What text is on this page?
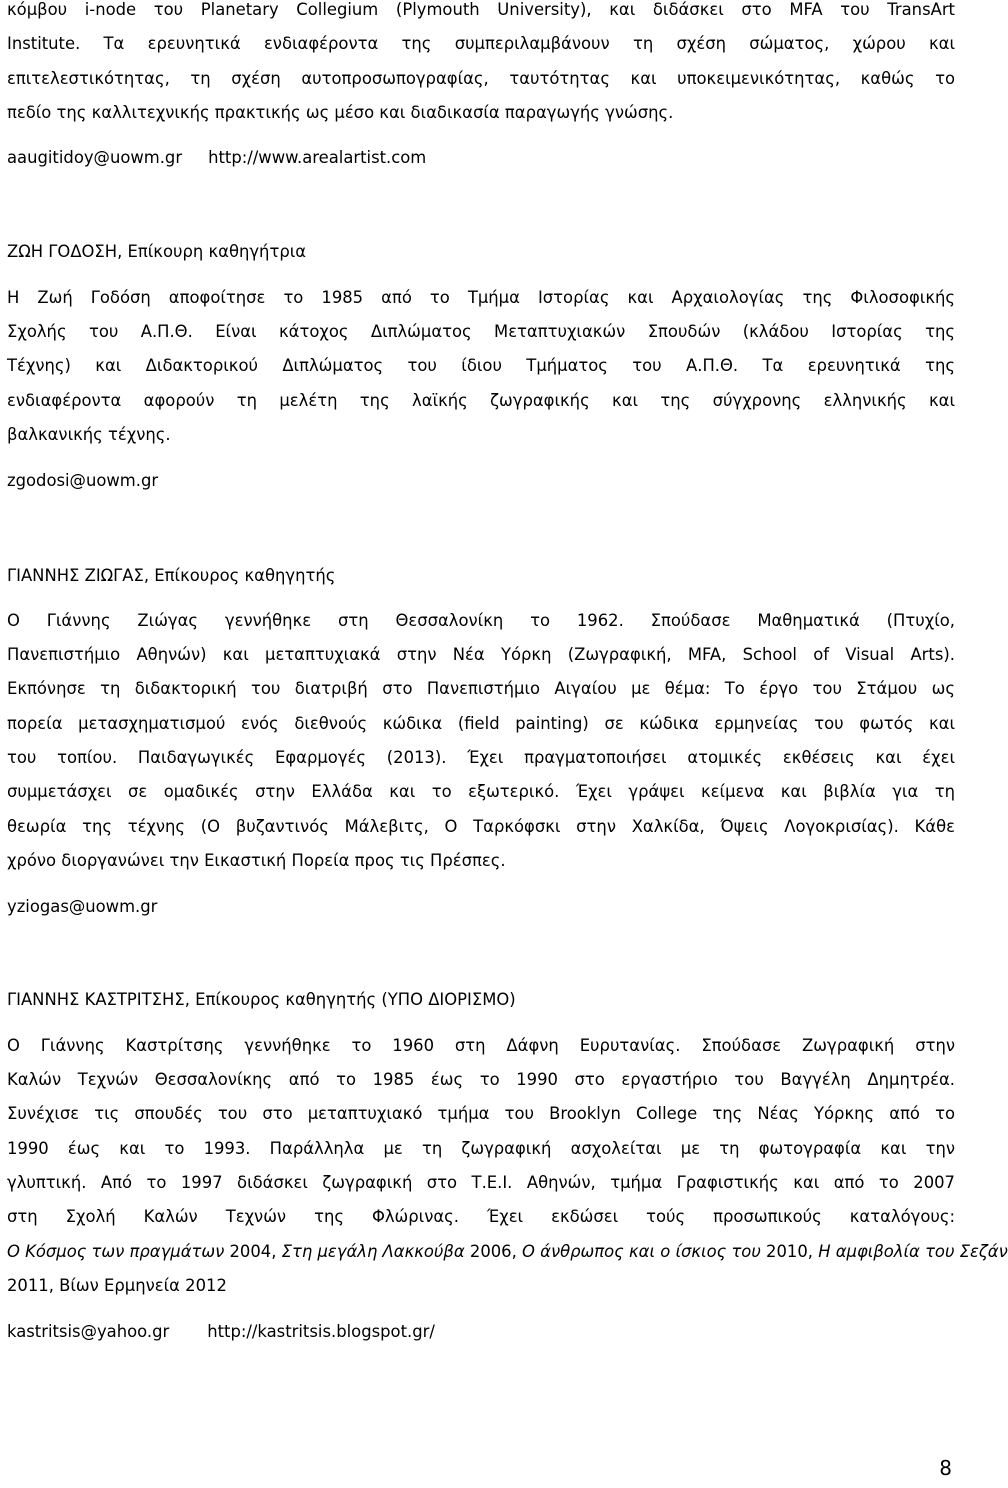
κόμβου i-node του Planetary Collegium (Plymouth University), και διδάσκει στο MFA του TransArt
Institute. Τα ερευνητικά ενδιαφέροντα της συμπεριλαμβάνουν τη σχέση σώματος, χώρου και
επιτελεστικότητας, τη σχέση αυτοπροσωπογραφίας, ταυτότητας και υποκειμενικότητας, καθώς το
πεδίο της καλλιτεχνικής πρακτικής ως μέσο και διαδικασία παραγωγής γνώσης.
aaugitidoy@uowm.gr http://www.arealartist.com
ΖΩΗ ΓΟΔΟΣΗ, Επίκουρη καθηγήτρια
Η Ζωή Γοδόση αποφοίτησε το 1985 από το Τμήμα Ιστορίας και Αρχαιολογίας της Φιλοσοφικής
Σχολής του Α.Π.Θ. Είναι κάτοχος Διπλώματος Μεταπτυχιακών Σπουδών (κλάδου Ιστορίας της
Τέχνης) και Διδακτορικού Διπλώματος του ίδιου Τμήματος του Α.Π.Θ. Τα ερευνητικά της
ενδιαφέροντα αφορούν τη μελέτη της λαϊκής ζωγραφικής και της σύγχρονης ελληνικής και
βαλκανικής τέχνης.
zgodosi@uowm.gr
ΓΙΑΝΝΗΣ ΖΙΩΓΑΣ, Επίκουρος καθηγητής
Ο Γιάννης Ζιώγας γεννήθηκε στη Θεσσαλονίκη το 1962. Σπούδασε Μαθηματικά (Πτυχίο,
Πανεπιστήμιο Αθηνών) και μεταπτυχιακά στην Νέα Υόρκη (Ζωγραφική, MFA, School of Visual Arts).
Εκπόνησε τη διδακτορική του διατριβή στο Πανεπιστήμιο Αιγαίου με θέμα: Το έργο του Στάμου ως
πορεία μετασχηματισμού ενός διεθνούς κώδικα (field painting) σε κώδικα ερμηνείας του φωτός και
του τοπίου. Παιδαγωγικές Εφαρμογές (2013). Έχει πραγματοποιήσει ατομικές εκθέσεις και έχει
συμμετάσχει σε ομαδικές στην Ελλάδα και το εξωτερικό. Έχει γράψει κείμενα και βιβλία για τη
θεωρία της τέχνης (Ο βυζαντινός Μάλεβιτς, Ο Ταρκόφσκι στην Χαλκίδα, Όψεις Λογοκρισίας). Κάθε
χρόνο διοργανώνει την Εικαστική Πορεία προς τις Πρέσπες.
yziogas@uowm.gr
ΓΙΑΝΝΗΣ ΚΑΣΤΡΙΤΣΗΣ, Επίκουρος καθηγητής (ΥΠΟ ΔΙΟΡΙΣΜΟ)
Ο Γιάννης Καστρίτσης γεννήθηκε το 1960 στη Δάφνη Ευρυτανίας. Σπούδασε Ζωγραφική στην
Καλών Τεχνών Θεσσαλονίκης από το 1985 έως το 1990 στο εργαστήριο του Βαγγέλη Δημητρέα.
Συνέχισε τις σπουδές του στο μεταπτυχιακό τμήμα του Brooklyn College της Νέας Υόρκης από το
1990 έως και το 1993. Παράλληλα με τη ζωγραφική ασχολείται με τη φωτογραφία και την
γλυπτική. Από το 1997 διδάσκει ζωγραφική στο Τ.Ε.Ι. Αθηνών, τμήμα Γραφιστικής και από το 2007
στη Σχολή Καλών Τεχνών της Φλώρινας. Έχει εκδώσει τούς προσωπικούς καταλόγους:
Ο Κόσμος των πραγμάτων 2004, Στη μεγάλη Λακκούβα 2006, Ο άνθρωπος και ο ίσκιος του 2010, Η αμφιβολία του Σεζάν
2011, Βίων Ερμηνεία 2012
kastritsis@yahoo.gr http://kastritsis.blogspot.gr/
8
